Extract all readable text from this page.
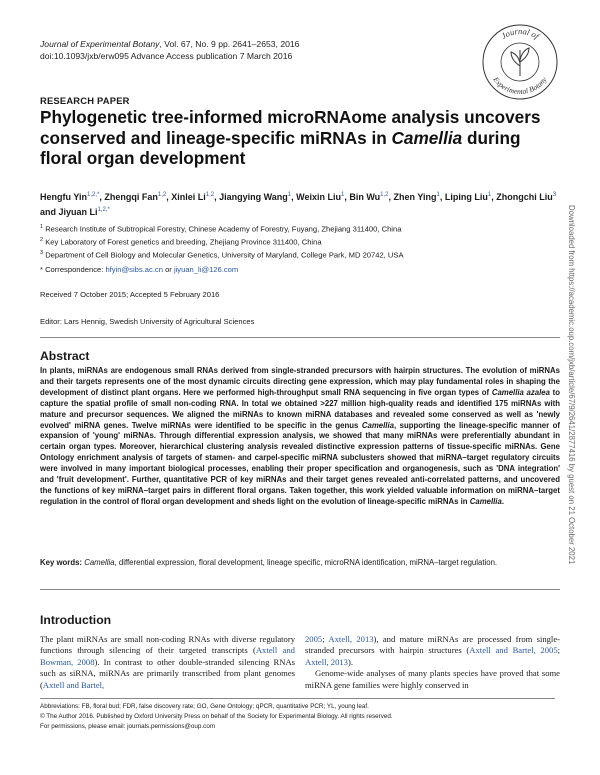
Journal of Experimental Botany, Vol. 67, No. 9 pp. 2641–2653, 2016
doi:10.1093/jxb/erw095 Advance Access publication 7 March 2016
Journal of
Experimental Botany
RESEARCH PAPER
Phylogenetic tree-informed microRNAome analysis uncovers conserved and lineage-specific miRNAs in Camellia during floral organ development
Hengfu Yin$^{1,2,*}$, Zhengqi Fan$^{1,2}$, Xinlei Li$^{1,2}$, Jiangying Wang$^1$, Weixin Liu$^1$, Bin Wu$^{1,2}$, Zhen Ying$^1$, Liping Liu$^1$, Zhongchi Liu$^3$ and Jiyuan $Li^{1,2,*}$
$^1$ Research Institute of Subtropical Forestry, Chinese Academy of Forestry, Fuyang, Zhejiang 311400, China
$^2$ Key Laboratory of Forest genetics and breeding, Zhejiang Province 311400, China
$^3$ Department of Cell Biology and Molecular Genetics, University of Maryland, College Park, MD 20742, USA
* Correspondence: hfyin@sibs.ac.cn or jiyuan_li@126.com
Received 7 October 2015; Accepted 5 February 2016
Editor: Lars Hennig, Swedish University of Agricultural Sciences
Abstract

In plants, miRNAs are endogenous small RNAs derived from single-stranded precursors with hairpin structures. The evolution of miRNAs and their targets represents one of the most dynamic circuits directing gene expression, which may play fundamental roles in shaping the development of distinct plant organs. Here we performed high-throughput small RNA sequencing in five organ types of Camellia azalea to capture the spatial profile of small non-coding RNA. In total we obtained >227 million high-quality reads and identified 175 miRNAs with mature and precursor sequences. We aligned the miRNAs to known miRNA databases and revealed some conserved as well as 'newly evolved' miRNA genes. Twelve miRNAs were identified to be specific in the genus Camellia, supporting the lineage-specific manner of expansion of 'young' miRNAs. Through differential expression analysis, we showed that many miRNAs were preferentially abundant in certain organ types. Moreover, hierarchical clustering analysis revealed distinctive expression patterns of tissue-specific miRNAs. Gene Ontology enrichment analysis of targets of stamen- and carpel-specific miRNA subclusters showed that miRNA–target regulatory circuits were involved in many important biological processes, enabling their proper specification and organogenesis, such as 'DNA integration' and 'fruit development'. Further, quantitative PCR of key miRNAs and their target genes revealed anti-correlated patterns, and uncovered the functions of key miRNA–target pairs in different floral organs. Taken together, this work yielded valuable information on miRNA–target regulation in the control of floral organ development and sheds light on the evolution of lineage-specific miRNAs in Camellia.

Key words: Camellia, differential expression, floral development, lineage specific, microRNA identification, miRNA–target regulation.
Introduction

The plant miRNAs are small non-coding RNAs with diverse regulatory functions through silencing of their targeted transcripts (Axtell and Bowman, 2008). In contrast to other double-stranded silencing RNAs such as siRNA, miRNAs are primarily transcribed from plant genomes (Axtell and Bartel,

2005; Axtell, 2013), and mature miRNAs are processed from single-stranded precursors with hairpin structures (Axtell and Bartel, 2005; Axtell, 2013).

Genome-wide analyses of many plants species have proved that some miRNA gene families were highly conserved in

Abbreviations: FB, floral bud; FDR, false discovery rate; GO, Gene Ontology; qPCR, quantitative PCR; YL, young leaf.
© The Author 2016. Published by Oxford University Press on behalf of the Society for Experimental Biology. All rights reserved.
For permissions, please email: journals.permissions@oup.com
Downloaded from https://academic.oup.com/jxb/article/67/9/2641/2877416 by guest on 21 October 2021
